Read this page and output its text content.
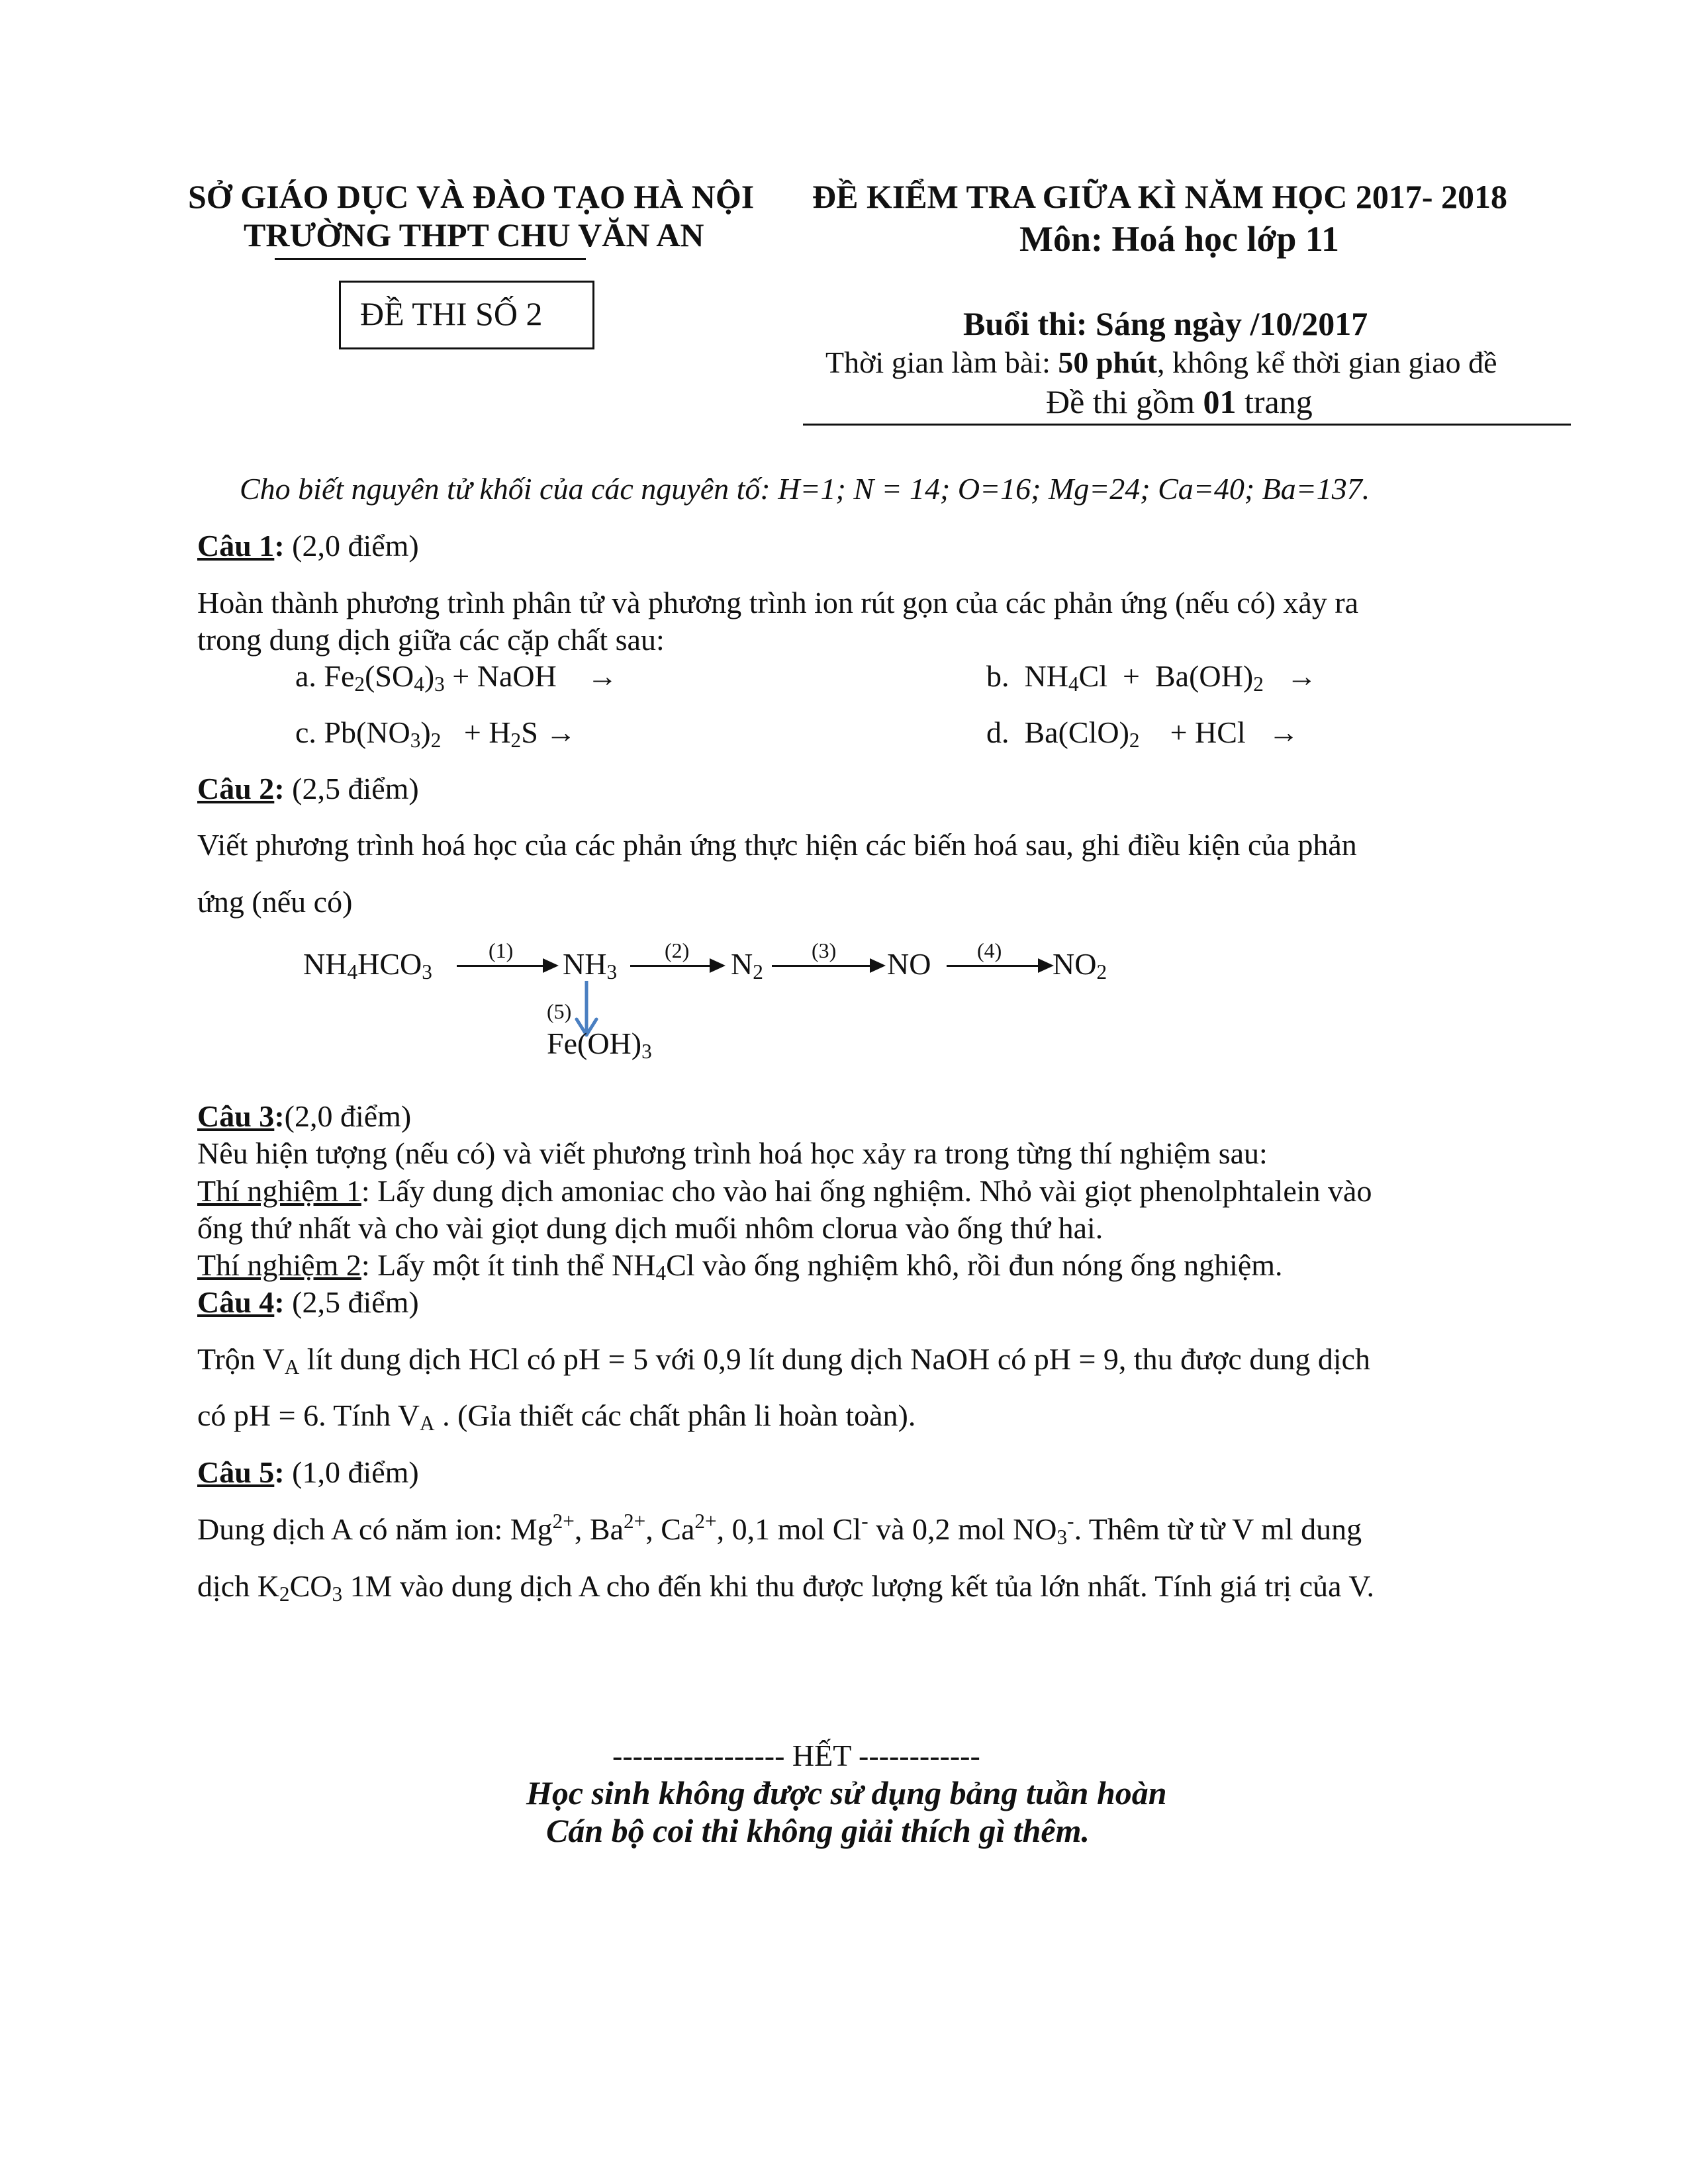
SỞ GIÁO DỤC VÀ ĐÀO TẠO HÀ NỘI
TRƯỜNG THPT CHU VĂN AN
ĐỀ THI SỐ 2
ĐỀ KIỂM TRA GIỮA KÌ NĂM HỌC 2017- 2018
Môn: Hoá học lớp 11
Buổi thi: Sáng ngày /10/2017
Thời gian làm bài: 50 phút, không kể thời gian giao đề
Đề thi gồm 01 trang
Cho biết nguyên tử khối của các nguyên tố: H=1; N = 14; O=16; Mg=24; Ca=40; Ba=137.
Câu 1: (2,0 điểm)
Hoàn thành phương trình phân tử và phương trình ion rút gọn của các phản ứng (nếu có) xảy ra
trong dung dịch giữa các cặp chất sau:
a. $Fe_2(SO_4)_3$ + NaOH    →	b.  $NH_4Cl + Ba(OH)_2$   →
c. $Pb(NO_3)_2 + H_2S$ →	d.  $Ba(ClO)_2$    + HCl   →
Câu 2: (2,5 điểm)
Viết phương trình hoá học của các phản ứng thực hiện các biến hoá sau, ghi điều kiện của phản
ứng (nếu có)
$NH_4HCO_3$
(1) $NH_3$
(2) $N_2$
(3) NO (4) $NO_2$
(5)
$Fe(OH)_3$
Câu 3:(2,0 điểm)
Nêu hiện tượng (nếu có) và viết phương trình hoá học xảy ra trong từng thí nghiệm sau:
Thí nghiệm 1: Lấy dung dịch amoniac cho vào hai ống nghiệm. Nhỏ vài giọt phenolphtalein vào
ống thứ nhất và cho vài giọt dung dịch muối nhôm clorua vào ống thứ hai.
Thí nghiệm 2: Lấy một ít tinh thể $NH_4Cl$ vào ống nghiệm khô, rồi đun nóng ống nghiệm.
Câu 4: (2,5 điểm)
Trộn $V_A$ lít dung dịch HCl có pH = 5 với 0,9 lít dung dịch NaOH có pH = 9, thu được dung dịch
có pH = 6. Tính $V_A$ . (Gỉa thiết các chất phân li hoàn toàn).
Câu 5: (1,0 điểm)
Dung dịch A có năm ion: $Mg^{2+}$, $Ba^{2+}$, $Ca^{2+}$, 0,1 mol Cl- và 0,2 mol $NO_3^-$. Thêm từ từ V ml dung
dịch $K_2CO_3$ 1M vào dung dịch A cho đến khi thu được lượng kết tủa lớn nhất. Tính giá trị của V.
----------------- HẾT ------------
Học sinh không được sử dụng bảng tuần hoàn
Cán bộ coi thi không giải thích gì thêm.
